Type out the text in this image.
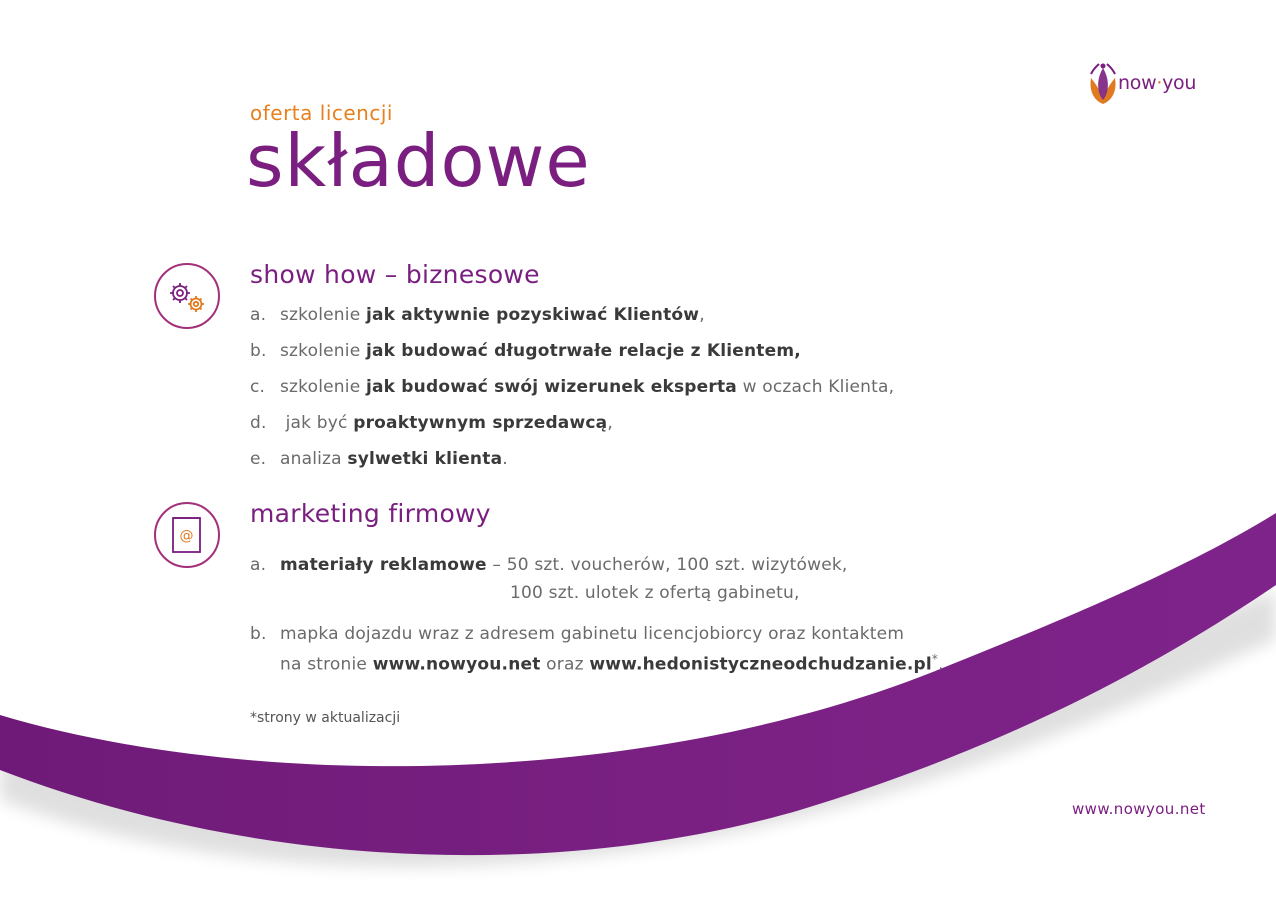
now·you
oferta licencji
składowe
show how – biznesowe
a. szkolenie jak aktywnie pozyskiwać Klientów,
b. szkolenie jak budować długotrwałe relacje z Klientem,
c. szkolenie jak budować swój wizerunek eksperta w oczach Klienta,
d. jak być proaktywnym sprzedawcą,
e. analiza sylwetki klienta.
@
marketing firmowy
a. materiały reklamowe – 50 szt. voucherów, 100 szt. wizytówek,
100 szt. ulotek z ofertą gabinetu,
b. mapka dojazdu wraz z adresem gabinetu licencjobiorcy oraz kontaktem
na stronie www.nowyou.net oraz www.hedonistyczneodchudzanie.pl*.
*strony w aktualizacji
www.nowyou.net
